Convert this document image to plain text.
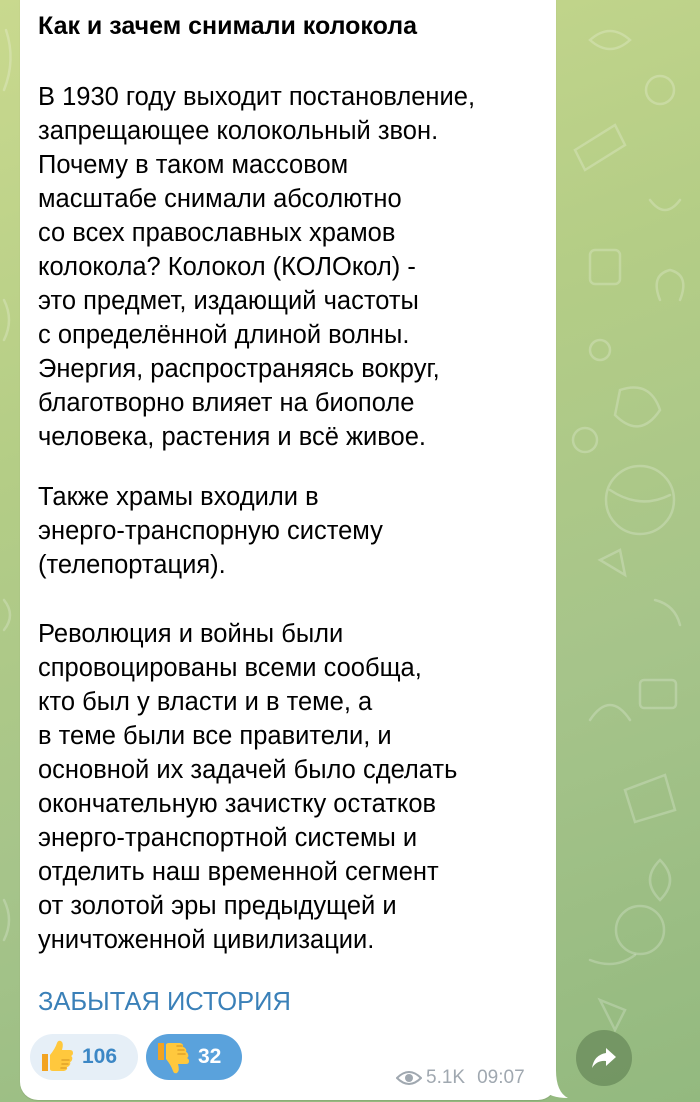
Как и зачем снимали колокола

В 1930 году выходит постановление,
запрещающее колокольный звон.
Почему в таком массовом
масштабе снимали абсолютно
со всех православных храмов
колокола? Колокол (КОЛОкол) -
это предмет, издающий частоты
с определённой длиной волны.
Энергия, распространяясь вокруг,
благотворно влияет на биополе
человека, растения и всё живое.

Также храмы входили в
энерго-транспорную систему
(телепортация).

Революция и войны были
спровоцированы всеми сообща,
кто был у власти и в теме, а
в теме были все правители, и
основной их задачей было сделать
окончательную зачистку остатков
энерго-транспортной системы и
отделить наш временной сегмент
от золотой эры предыдущей и
уничтоженной цивилизации.

ЗАБЫТАЯ ИСТОРИЯ

106	32
5.1K 09:07
